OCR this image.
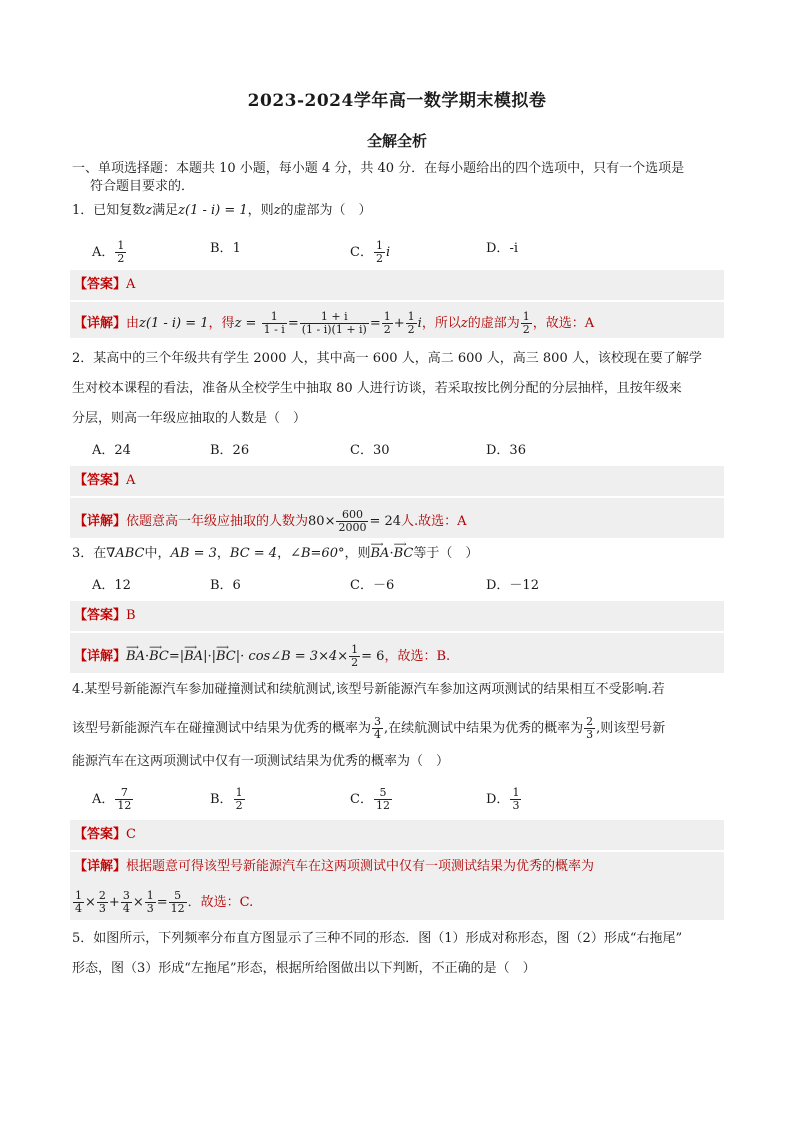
2023-2024学年高一数学期末模拟卷
全解全析
一、单项选择题：本题共 10 小题，每小题 4 分，共 40 分．在每小题给出的四个选项中，只有一个选项是
符合题目要求的．
1．已知复数z满足z(1 - i) = 1，则z的虚部为（　）
A． $\frac{1}{2}$	B．1	C． $\frac{1}{2}$ i	D．-i
【答案】A
【详解】由z(1 - i) = 1，得$z = \frac{1}{1 - i} = \frac{1 + i}{(1 - i)(1 + i)} = \frac{1}{2} + \frac{1}{2}$ i，所以z的虚部为 $\frac{1}{2}$ ，故选：A
2．某高中的三个年级共有学生 2000 人，其中高一 600 人，高二 600 人，高三 800 人，该校现在要了解学
生对校本课程的看法，准备从全校学生中抽取 80 人进行访谈，若采取按比例分配的分层抽样，且按年级来
分层，则高一年级应抽取的人数是（　）
A．24	B．26	C．30	D．36
【答案】A
【详解】依题意高一年级应抽取的人数为$80\times \frac{600}{2000} = 24$人.故选：A
3．在∇ABC中，AB = 3，BC = 4，∠B=60°，则⟶ BA·⟶ BC等于（　）
A．12	B．6	C．－6	D．－12
【答案】B
【详解】⟶ BA·⟶ BC=|⟶ BA|·|⟶ BC|· cos∠B = $3\times 4\times \frac{1}{2} = 6$，故选：B.
4.某型号新能源汽车参加碰撞测试和续航测试,该型号新能源汽车参加这两项测试的结果相互不受影响.若
该型号新能源汽车在碰撞测试中结果为优秀的概率为 $\frac{3}{4}$ ,在续航测试中结果为优秀的概率为 $\frac{2}{3}$ ,则该型号新
能源汽车在这两项测试中仅有一项测试结果为优秀的概率为（　）
A． $\frac{7}{12}$	B． $\frac{1}{2}$	C． $\frac{5}{12}$	D． $\frac{1}{3}$
【答案】C
【详解】根据题意可得该型号新能源汽车在这两项测试中仅有一项测试结果为优秀的概率为
$\frac{1}{4} \times \frac{2}{3} + \frac{3}{4} \times \frac{1}{3} = \frac{5}{12}$ ．故选：C.
5．如图所示，下列频率分布直方图显示了三种不同的形态．图（1）形成对称形态，图（2）形成“右拖尾”
形态，图（3）形成“左拖尾”形态，根据所给图做出以下判断，不正确的是（　）
